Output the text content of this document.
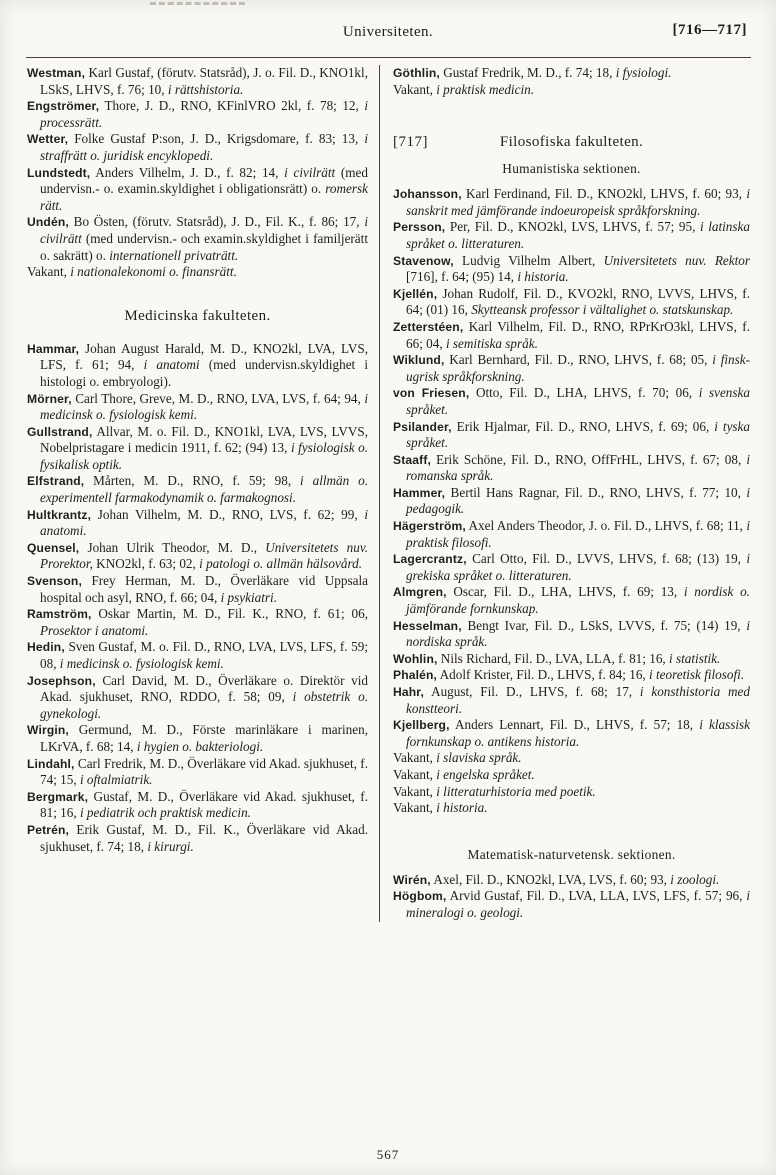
Universiteten.	[716—717]

Westman, Karl Gustaf, (förutv. Statsråd), J. o. Fil. D., KNO1kl, LSkS, LHVS, f. 76; 10, i rättshistoria.

Engströmer, Thore, J. D., RNO, KFinlVRO 2kl, f. 78; 12, i processrätt.

Wetter, Folke Gustaf P:son, J. D., Krigsdomare, f. 83; 13, i straffrätt o. juridisk encyklopedi.

Lundstedt, Anders Vilhelm, J. D., f. 82; 14, i civilrätt (med undervisn.- o. examin.skyldighet i obligationsrätt) o. romersk rätt.

Undén, Bo Östen, (förutv. Statsråd), J. D., Fil. K., f. 86; 17, i civilrätt (med undervisn.- och examin.skyldighet i familjerätt o. sakrätt) o. internationell privaträtt.

Vakant, i nationalekonomi o. finansrätt.

Medicinska fakulteten.

Hammar, Johan August Harald, M. D., KNO2kl, LVA, LVS, LFS, f. 61; 94, i anatomi (med undervisn.skyldighet i histologi o. embryologi).

Mörner, Carl Thore, Greve, M. D., RNO, LVA, LVS, f. 64; 94, i medicinsk o. fysiologisk kemi.

Gullstrand, Allvar, M. o. Fil. D., KNO1kl, LVA, LVS, LVVS, Nobelpristagare i medicin 1911, f. 62; (94) 13, i fysiologisk o. fysikalisk optik.

Elfstrand, Mårten, M. D., RNO, f. 59; 98, i allmän o. experimentell farmakodynamik o. farmakognosi.

Hultkrantz, Johan Vilhelm, M. D., RNO, LVS, f. 62; 99, i anatomi.

Quensel, Johan Ulrik Theodor, M. D., Universitetets nuv. Prorektor, KNO2kl, f. 63; 02, i patologi o. allmän hälsovård.

Svenson, Frey Herman, M. D., Överläkare vid Uppsala hospital och asyl, RNO, f. 66; 04, i psykiatri.

Ramström, Oskar Martin, M. D., Fil. K., RNO, f. 61; 06, Prosektor i anatomi.

Hedin, Sven Gustaf, M. o. Fil. D., RNO, LVA, LVS, LFS, f. 59; 08, i medicinsk o. fysiologisk kemi.

Josephson, Carl David, M. D., Överläkare o. Direktör vid Akad. sjukhuset, RNO, RDDO, f. 58; 09, i obstetrik o. gynekologi.

Wirgin, Germund, M. D., Förste marinläkare i marinen, LKrVA, f. 68; 14, i hygien o. bakteriologi.

Lindahl, Carl Fredrik, M. D., Överläkare vid Akad. sjukhuset, f. 74; 15, i oftalmiatrik.

Bergmark, Gustaf, M. D., Överläkare vid Akad. sjukhuset, f. 81; 16, i pediatrik och praktisk medicin.

Petrén, Erik Gustaf, M. D., Fil. K., Överläkare vid Akad. sjukhuset, f. 74; 18, i kirurgi.

Göthlin, Gustaf Fredrik, M. D., f. 74; 18, i fysiologi.

Vakant, i praktisk medicin.

[717]	Filosofiska fakulteten.
Humanistiska sektionen.

Johansson, Karl Ferdinand, Fil. D., KNO2kl, LHVS, f. 60; 93, i sanskrit med jämförande indoeuropeisk språkforskning.

Persson, Per, Fil. D., KNO2kl, LVS, LHVS, f. 57; 95, i latinska språket o. litteraturen.

Stavenow, Ludvig Vilhelm Albert, Universitetets nuv. Rektor [716], f. 64; (95) 14, i historia.

Kjellén, Johan Rudolf, Fil. D., KVO2kl, RNO, LVVS, LHVS, f. 64; (01) 16, Skytteansk professor i vältalighet o. statskunskap.

Zetterstéen, Karl Vilhelm, Fil. D., RNO, RPrKrO3kl, LHVS, f. 66; 04, i semitiska språk.

Wiklund, Karl Bernhard, Fil. D., RNO, LHVS, f. 68; 05, i finsk-ugrisk språkforskning.

von Friesen, Otto, Fil. D., LHA, LHVS, f. 70; 06, i svenska språket.

Psilander, Erik Hjalmar, Fil. D., RNO, LHVS, f. 69; 06, i tyska språket.

Staaff, Erik Schöne, Fil. D., RNO, OffFrHL, LHVS, f. 67; 08, i romanska språk.

Hammer, Bertil Hans Ragnar, Fil. D., RNO, LHVS, f. 77; 10, i pedagogik.

Hägerström, Axel Anders Theodor, J. o. Fil. D., LHVS, f. 68; 11, i praktisk filosofi.

Lagercrantz, Carl Otto, Fil. D., LVVS, LHVS, f. 68; (13) 19, i grekiska språket o. litteraturen.

Almgren, Oscar, Fil. D., LHA, LHVS, f. 69; 13, i nordisk o. jämförande fornkunskap.

Hesselman, Bengt Ivar, Fil. D., LSkS, LVVS, f. 75; (14) 19, i nordiska språk.

Wohlin, Nils Richard, Fil. D., LVA, LLA, f. 81; 16, i statistik.

Phalén, Adolf Krister, Fil. D., LHVS, f. 84; 16, i teoretisk filosofi.

Hahr, August, Fil. D., LHVS, f. 68; 17, i konsthistoria med konstteori.

Kjellberg, Anders Lennart, Fil. D., LHVS, f. 57; 18, i klassisk fornkunskap o. antikens historia.

Vakant, i slaviska språk.

Vakant, i engelska språket.

Vakant, i litteraturhistoria med poetik.

Vakant, i historia.

Matematisk-naturvetensk. sektionen.

Wirén, Axel, Fil. D., KNO2kl, LVA, LVS, f. 60; 93, i zoologi.

Högbom, Arvid Gustaf, Fil. D., LVA, LLA, LVS, LFS, f. 57; 96, i mineralogi o. geologi.

567
